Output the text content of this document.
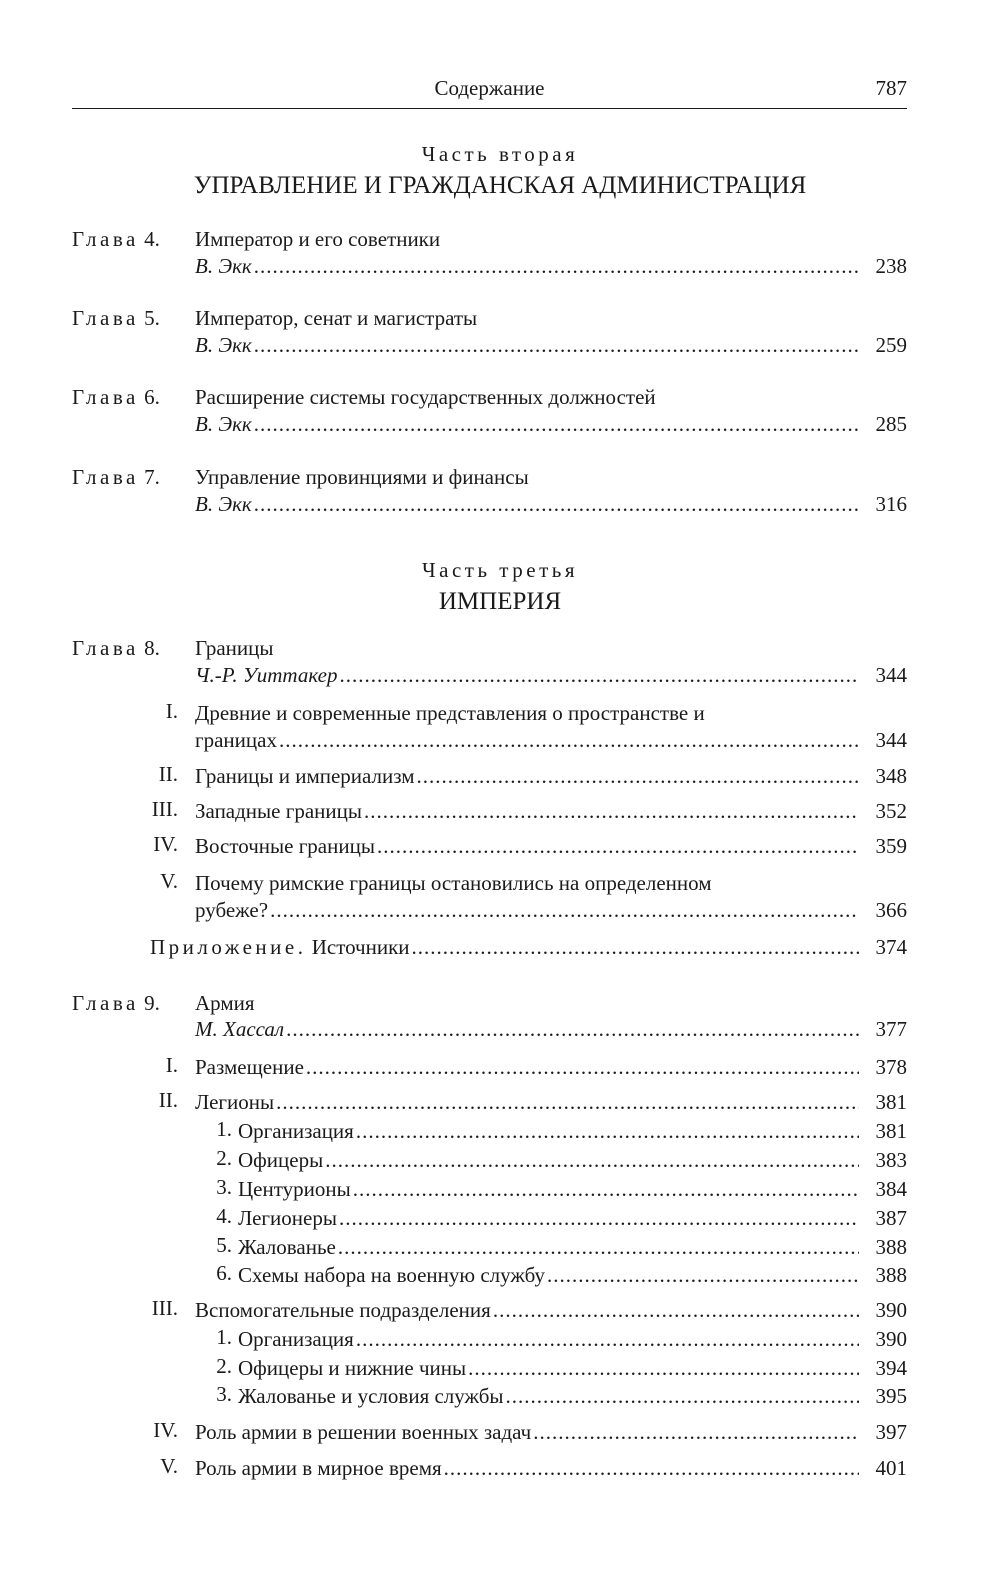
Содержание	787
Часть вторая
УПРАВЛЕНИЕ И ГРАЖДАНСКАЯ АДМИНИСТРАЦИЯ
Глава 4. Император и его советники
В. Экк .....	238
Глава 5. Император, сенат и магистраты
В. Экк .....	259
Глава 6. Расширение системы государственных должностей
В. Экк .....	285
Глава 7. Управление провинциями и финансы
В. Экк .....	316
Часть третья
ИМПЕРИЯ
Глава 8. Границы
Ч.-Р. Уиттакер .....	344
I. Древние и современные представления о пространстве и
границах .....	344
II. Границы и империализм .....	348
III. Западные границы .....	352
IV. Восточные границы .....	359
V. Почему римские границы остановились на определенном
рубеже? .....	366
Приложение. Источники .....	374
Глава 9. Армия
М. Хассал .....	377
I. Размещение .....	378
II. Легионы .....	381
1. Организация .....	381
2. Офицеры .....	383
3. Центурионы .....	384
4. Легионеры .....	387
5. Жалованье .....	388
6. Схемы набора на военную службу .....	388
III. Вспомогательные подразделения .....	390
1. Организация .....	390
2. Офицеры и нижние чины .....	394
3. Жалованье и условия службы .....	395
IV. Роль армии в решении военных задач .....	397
V. Роль армии в мирное время .....	401
